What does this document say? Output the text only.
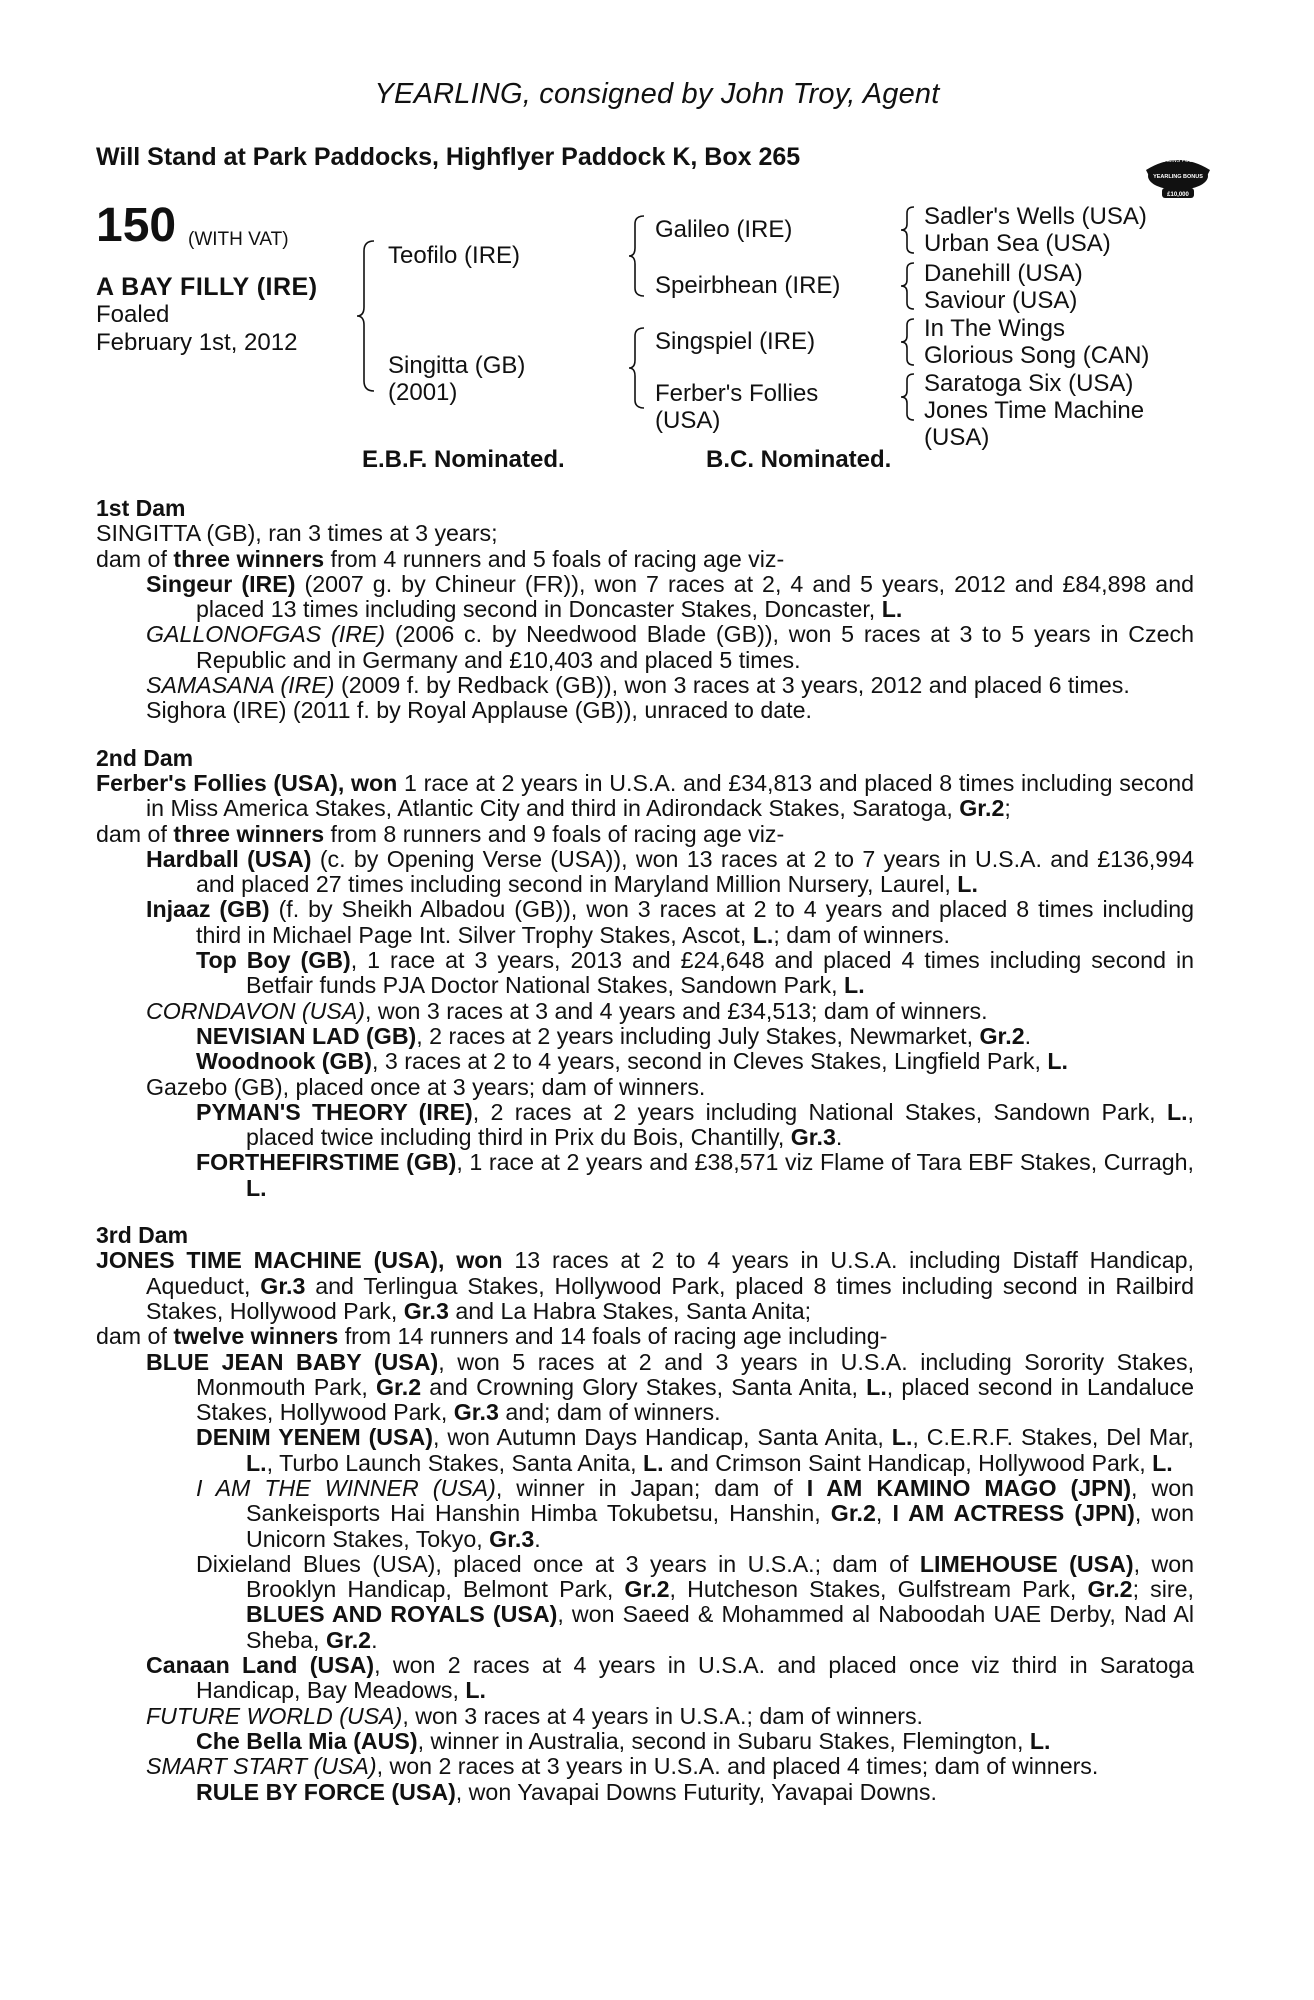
YEARLING, consigned by John Troy, Agent
Will Stand at Park Paddocks, Highflyer Paddock K, Box 265	RACING POST
YEARLING BONUS
£10,000
150 (WITH VAT)
A BAY FILLY (IRE)
Foaled
February 1st, 2012
Teofilo (IRE)
Singitta (GB)
(2001)
Galileo (IRE)
Speirbhean (IRE)
Singspiel (IRE)
Ferber's Follies
(USA)
Sadler's Wells (USA)
Urban Sea (USA)
Danehill (USA)
Saviour (USA)
In The Wings
Glorious Song (CAN)
Saratoga Six (USA)
Jones Time Machine
(USA)
E.B.F. Nominated.	B.C. Nominated.
1st Dam
SINGITTA (GB), ran 3 times at 3 years;
dam of three winners from 4 runners and 5 foals of racing age viz-
Singeur (IRE) (2007 g. by Chineur (FR)), won 7 races at 2, 4 and 5 years, 2012 and £84,898 and placed 13 times including second in Doncaster Stakes, Doncaster, L.
GALLONOFGAS (IRE) (2006 c. by Needwood Blade (GB)), won 5 races at 3 to 5 years in Czech Republic and in Germany and £10,403 and placed 5 times.
SAMASANA (IRE) (2009 f. by Redback (GB)), won 3 races at 3 years, 2012 and placed 6 times.
Sighora (IRE) (2011 f. by Royal Applause (GB)), unraced to date.
2nd Dam
Ferber's Follies (USA), won 1 race at 2 years in U.S.A. and £34,813 and placed 8 times including second in Miss America Stakes, Atlantic City and third in Adirondack Stakes, Saratoga, Gr.2;
dam of three winners from 8 runners and 9 foals of racing age viz-
Hardball (USA) (c. by Opening Verse (USA)), won 13 races at 2 to 7 years in U.S.A. and £136,994 and placed 27 times including second in Maryland Million Nursery, Laurel, L.
Injaaz (GB) (f. by Sheikh Albadou (GB)), won 3 races at 2 to 4 years and placed 8 times including third in Michael Page Int. Silver Trophy Stakes, Ascot, L.; dam of winners.
Top Boy (GB), 1 race at 3 years, 2013 and £24,648 and placed 4 times including second in Betfair funds PJA Doctor National Stakes, Sandown Park, L.
CORNDAVON (USA), won 3 races at 3 and 4 years and £34,513; dam of winners.
NEVISIAN LAD (GB), 2 races at 2 years including July Stakes, Newmarket, Gr.2.
Woodnook (GB), 3 races at 2 to 4 years, second in Cleves Stakes, Lingfield Park, L.
Gazebo (GB), placed once at 3 years; dam of winners.
PYMAN'S THEORY (IRE), 2 races at 2 years including National Stakes, Sandown Park, L., placed twice including third in Prix du Bois, Chantilly, Gr.3.
FORTHEFIRSTIME (GB), 1 race at 2 years and £38,571 viz Flame of Tara EBF Stakes, Curragh, L.
3rd Dam
JONES TIME MACHINE (USA), won 13 races at 2 to 4 years in U.S.A. including Distaff Handicap, Aqueduct, Gr.3 and Terlingua Stakes, Hollywood Park, placed 8 times including second in Railbird Stakes, Hollywood Park, Gr.3 and La Habra Stakes, Santa Anita;
dam of twelve winners from 14 runners and 14 foals of racing age including-
BLUE JEAN BABY (USA), won 5 races at 2 and 3 years in U.S.A. including Sorority Stakes, Monmouth Park, Gr.2 and Crowning Glory Stakes, Santa Anita, L., placed second in Landaluce Stakes, Hollywood Park, Gr.3 and; dam of winners.
DENIM YENEM (USA), won Autumn Days Handicap, Santa Anita, L., C.E.R.F. Stakes, Del Mar, L., Turbo Launch Stakes, Santa Anita, L. and Crimson Saint Handicap, Hollywood Park, L.
I AM THE WINNER (USA), winner in Japan; dam of I AM KAMINO MAGO (JPN), won Sankeisports Hai Hanshin Himba Tokubetsu, Hanshin, Gr.2, I AM ACTRESS (JPN), won Unicorn Stakes, Tokyo, Gr.3.
Dixieland Blues (USA), placed once at 3 years in U.S.A.; dam of LIMEHOUSE (USA), won Brooklyn Handicap, Belmont Park, Gr.2, Hutcheson Stakes, Gulfstream Park, Gr.2; sire, BLUES AND ROYALS (USA), won Saeed & Mohammed al Naboodah UAE Derby, Nad Al Sheba, Gr.2.
Canaan Land (USA), won 2 races at 4 years in U.S.A. and placed once viz third in Saratoga Handicap, Bay Meadows, L.
FUTURE WORLD (USA), won 3 races at 4 years in U.S.A.; dam of winners.
Che Bella Mia (AUS), winner in Australia, second in Subaru Stakes, Flemington, L.
SMART START (USA), won 2 races at 3 years in U.S.A. and placed 4 times; dam of winners.
RULE BY FORCE (USA), won Yavapai Downs Futurity, Yavapai Downs.
